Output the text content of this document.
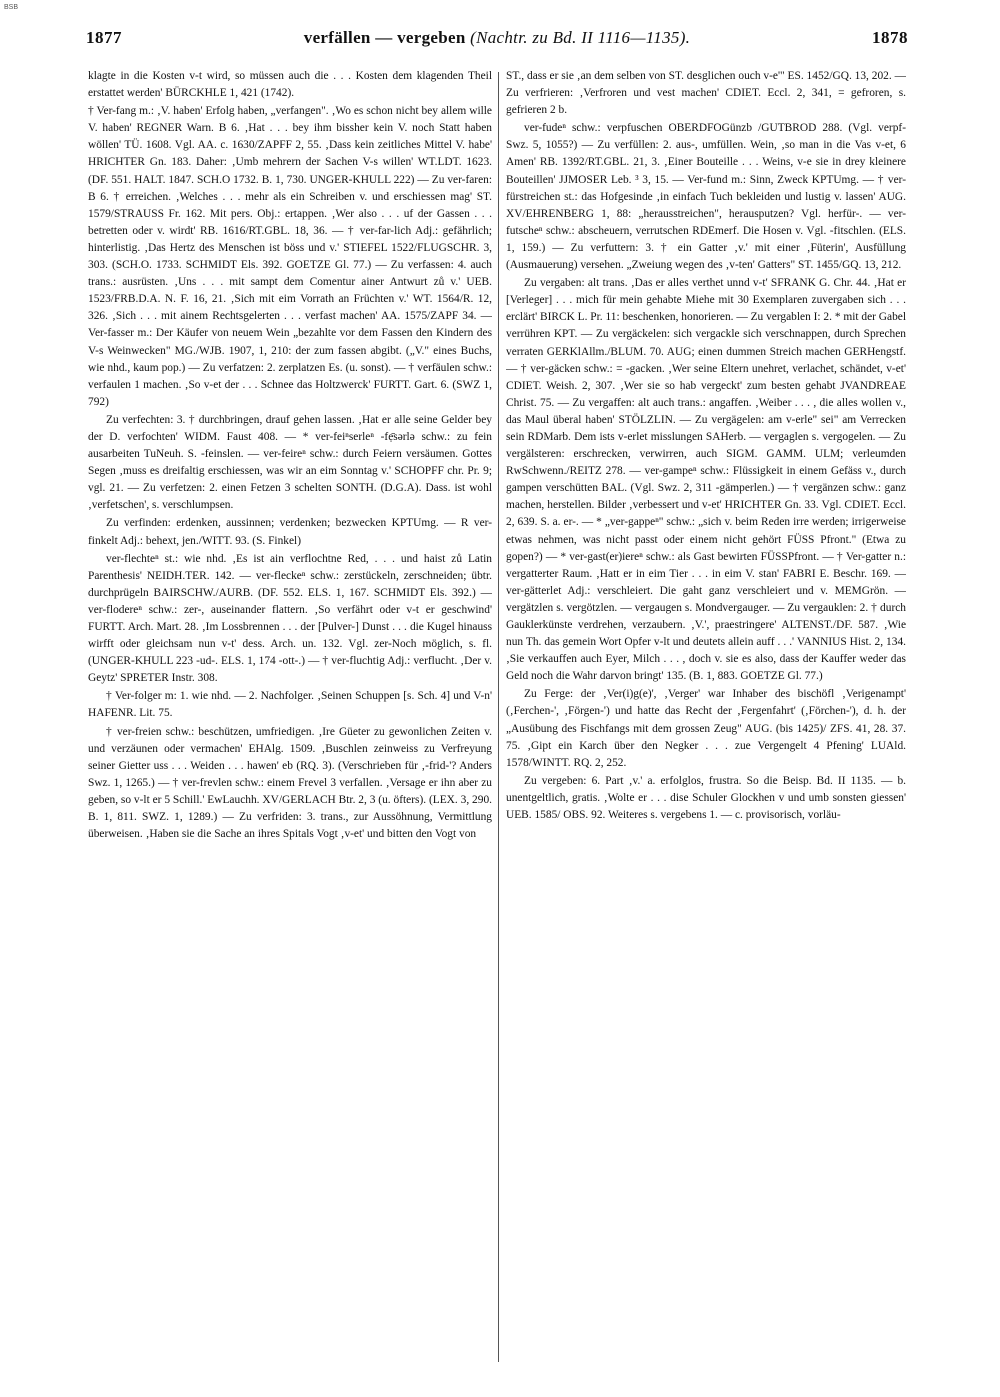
BSB
1877	verfällen — vergeben (Nachtr. zu Bd. II 1116—1135).	1878

klagte in die Kosten v-t wird, so müssen auch die . . . Kosten dem klagenden Theil erstattet werden' BÜRCKHLE 1, 421 (1742).

† Ver-fang m.: ‚V. haben' Erfolg haben, „verfangen". ‚Wo es schon nicht bey allem wille V. haben' REGNER Warn. B 6. ‚Hat . . . bey ihm bissher kein V. noch Statt haben wöllen' TÜ. 1608. Vgl. AA. c. 1630/ZAPFF 2, 55. ‚Dass kein zeitliches Mittel V. habe' HRICHTER Gn. 183. Daher: ‚Umb mehrern der Sachen V-s willen' WT.LDT. 1623. (DF. 551. HALT. 1847. SCH.O 1732. B. 1, 730. UNGER-KHULL 222) — Zu ver-faren: B 6. † erreichen. ‚Welches . . . mehr als ein Schreiben v. und erschiessen mag' ST. 1579/STRAUSS Fr. 162. Mit pers. Obj.: ertappen. ‚Wer also . . . uf der Gassen . . . betretten oder v. wirdt' RB. 1616/RT.GBL. 18, 36. — † ver-far-lich Adj.: gefährlich; hinterlistig. ‚Das Hertz des Menschen ist böss und v.' STIEFEL 1522/FLUGSCHR. 3, 303. (SCH.O. 1733. SCHMIDT Els. 392. GOETZE Gl. 77.) — Zu verfassen: 4. auch trans.: ausrüsten. ‚Uns . . . mit sampt dem Comentur ainer Antwurt zů v.' UEB. 1523/FRB.D.A. N. F. 16, 21. ‚Sich mit eim Vorrath an Früchten v.' WT. 1564/R. 12, 326. ‚Sich . . . mit ainem Rechtsgelerten . . . verfast machen' AA. 1575/ZAPF 34. — Ver-fasser m.: Der Käufer von neuem Wein „bezahlte vor dem Fassen den Kindern des V-s Weinwecken" MG./WJB. 1907, 1, 210: der zum fassen abgibt. („V." eines Buchs, wie nhd., kaum pop.) — Zu verfatzen: 2. zerplatzen Es. (u. sonst). — † verfäulen schw.: verfaulen 1 machen. ‚So v-et der . . . Schnee das Holtzwerck' FURTT. Gart. 6. (SWZ 1, 792)

Zu verfechten: 3. † durchbringen, drauf gehen lassen. ‚Hat er alle seine Gelder bey der D. verfochten' WIDM. Faust 408. — * ver-feiⁿserleⁿ -fẹ̄sərlə schw.: zu fein ausarbeiten TuNeuh. S. -feinslen. — ver-feireⁿ schw.: durch Feiern versäumen. Gottes Segen ‚muss es dreifaltig erschiessen, was wir an eim Sonntag v.' SCHOPFF chr. Pr. 9; vgl. 21. — Zu verfetzen: 2. einen Fetzen 3 schelten SONTH. (D.G.A). Dass. ist wohl ‚verfetschen', s. verschlumpsen.

Zu verfinden: erdenken, aussinnen; verdenken; bezwecken KPTUmg. — R ver-finkelt Adj.: behext, jen./WITT. 93. (S. Finkel)

ver-flechteⁿ st.: wie nhd. ‚Es ist ain verflochtne Red, . . . und haist zů Latin Parenthesis' NEIDH.TER. 142. — ver-fleckeⁿ schw.: zerstückeln, zerschneiden; übtr. durchprügeln BAIRSCHW./AURB. (DF. 552. ELS. 1, 167. SCHMIDT Els. 392.) — ver-flodereⁿ schw.: zer-, auseinander flattern. ‚So verfährt oder v-t er geschwind' FURTT. Arch. Mart. 28. ‚Im Lossbrennen . . . der [Pulver-] Dunst . . . die Kugel hinauss wirfft oder gleichsam nun v-t' dess. Arch. un. 132. Vgl. zer-Noch möglich, s. fl. (UNGER-KHULL 223 -ud-. ELS. 1, 174 -ott-.) — † ver-fluchtig Adj.: verflucht. ‚Der v. Geytz' SPRETER Instr. 308.

† Ver-folger m: 1. wie nhd. — 2. Nachfolger. ‚Seinen Schuppen [s. Sch. 4] und V-n' HAFENR. Lit. 75.

† ver-freien schw.: beschützen, umfriedigen. ‚Ire Güeter zu gewonlichen Zeiten v. und verzäunen oder vermachen' EHAlg. 1509. ‚Buschlen zeinweiss zu Verfreyung seiner Gietter uss . . . Weiden . . . hawen' eb (RQ. 3). (Verschrieben für ‚-frid-'? Anders Swz. 1, 1265.) — † ver-frevlen schw.: einem Frevel 3 verfallen. ‚Versage er ihn aber zu geben, so v-lt er 5 Schill.' EwLauchh. XV/GERLACH Btr. 2, 3 (u. öfters). (LEX. 3, 290. B. 1, 811. SWZ. 1, 1289.) — Zu verfriden: 3. trans., zur Aussöhnung, Vermittlung überweisen. ‚Haben sie die Sache an ihres Spitals Vogt ‚v-et' und bitten den Vogt von

ST., dass er sie ‚an dem selben von ST. desglichen ouch v-e'" ES. 1452/GQ. 13, 202. — Zu verfrieren: ‚Verfroren und vest machen' CDIET. Eccl. 2, 341, = gefroren, s. gefrieren 2 b.

ver-fudeⁿ schw.: verpfuschen OBERDFOGünzb /GUTBROD 288. (Vgl. verpf- Swz. 5, 1055?) — Zu verfüllen: 2. aus-, umfüllen. Wein, ‚so man in die Vas v-et, 6 Amen' RB. 1392/RT.GBL. 21, 3. ‚Einer Bouteille . . . Weins, v-e sie in drey kleinere Bouteillen' JJMOSER Leb. ³ 3, 15. — Ver-fund m.: Sinn, Zweck KPTUmg. — † ver-fürstreichen st.: das Hofgesinde ‚in einfach Tuch bekleiden und lustig v. lassen' AUG. XV/EHRENBERG 1, 88: „herausstreichen", herausputzen? Vgl. herfür-. — ver-futscheⁿ schw.: abscheuern, verrutschen RDEmerf. Die Hosen v. Vgl. -fitschlen. (ELS. 1, 159.) — Zu verfuttern: 3. † ein Gatter ‚v.' mit einer ‚Füterin', Ausfüllung (Ausmauerung) versehen. „Zweiung wegen des ‚v-ten' Gatters" ST. 1455/GQ. 13, 212.

Zu vergaben: alt trans. ‚Das er alles verthet unnd v-t' SFRANK G. Chr. 44. ‚Hat er [Verleger] . . . mich für mein gehabte Miehe mit 30 Exemplaren zuvergaben sich . . . erclärt' BIRCK L. Pr. 11: beschenken, honorieren. — Zu vergablen I: 2. * mit der Gabel verrühren KPT. — Zu vergäckelen: sich vergackle sich verschnappen, durch Sprechen verraten GERKlAllm./BLUM. 70. AUG; einen dummen Streich machen GERHengstf. — † ver-gäcken schw.: = -gacken. ‚Wer seine Eltern unehret, verlachet, schändet, v-et' CDIET. Weish. 2, 307. ‚Wer sie so hab vergeckt' zum besten gehabt JVANDREAE Christ. 75. — Zu vergaffen: alt auch trans.: angaffen. ‚Weiber . . . , die alles wollen v., das Maul überal haben' STÖLZLIN. — Zu vergägelen: am v-erle" sei" am Verrecken sein RDMarb. Dem ists v-erlet misslungen SAHerb. — vergaglen s. vergogelen. — Zu vergälsteren: erschrecken, verwirren, auch SIGM. GAMM. ULM; verleumden RwSchwenn./REITZ 278. — ver-gampeⁿ schw.: Flüssigkeit in einem Gefäss v., durch gampen verschütten BAL. (Vgl. Swz. 2, 311 -gämperlen.) — † vergänzen schw.: ganz machen, herstellen. Bilder ‚verbessert und v-et' HRICHTER Gn. 33. Vgl. CDIET. Eccl. 2, 639. S. a. er-. — * „ver-gappeⁿ" schw.: „sich v. beim Reden irre werden; irrigerweise etwas nehmen, was nicht passt oder einem nicht gehört FÜSS Pfront." (Etwa zu gopen?) — * ver-gast(er)iereⁿ schw.: als Gast bewirten FÜSSPfront. — † Ver-gatter n.: vergatterter Raum. ‚Hatt er in eim Tier . . . in eim V. stan' FABRI E. Beschr. 169. — ver-gätterlet Adj.: verschleiert. Die gaht ganz verschleiert und v. MEMGrön. — vergätzlen s. vergötzlen. — vergaugen s. Mondvergauger. — Zu vergauklen: 2. † durch Gauklerkünste verdrehen, verzaubern. ‚V.', praestringere' ALTENST./DF. 587. ‚Wie nun Th. das gemein Wort Opfer v-lt und deutets allein auff . . .' VANNIUS Hist. 2, 134. ‚Sie verkauffen auch Eyer, Milch . . . , doch v. sie es also, dass der Kauffer weder das Geld noch die Wahr darvon bringt' 135. (B. 1, 883. GOETZE Gl. 77.)

Zu Ferge: der ‚Ver(i)g(e)', ‚Verger' war Inhaber des bischöfl ‚Verigenampt' (‚Ferchen-', ‚Förgen-') und hatte das Recht der ‚Fergenfahrt' (‚Förchen-'), d. h. der „Ausübung des Fischfangs mit dem grossen Zeug" AUG. (bis 1425)/ ZFS. 41, 28. 37. 75. ‚Gipt ein Karch über den Negker . . . zue Vergengelt 4 Pfening' LUAld. 1578/WINTT. RQ. 2, 252.

Zu vergeben: 6. Part ‚v.' a. erfolglos, frustra. So die Beisp. Bd. II 1135. — b. unentgeltlich, gratis. ‚Wolte er . . . dise Schuler Glockhen v und umb sonsten giessen' UEB. 1585/ OBS. 92. Weiteres s. vergebens 1. — c. provisorisch, vorläu-
